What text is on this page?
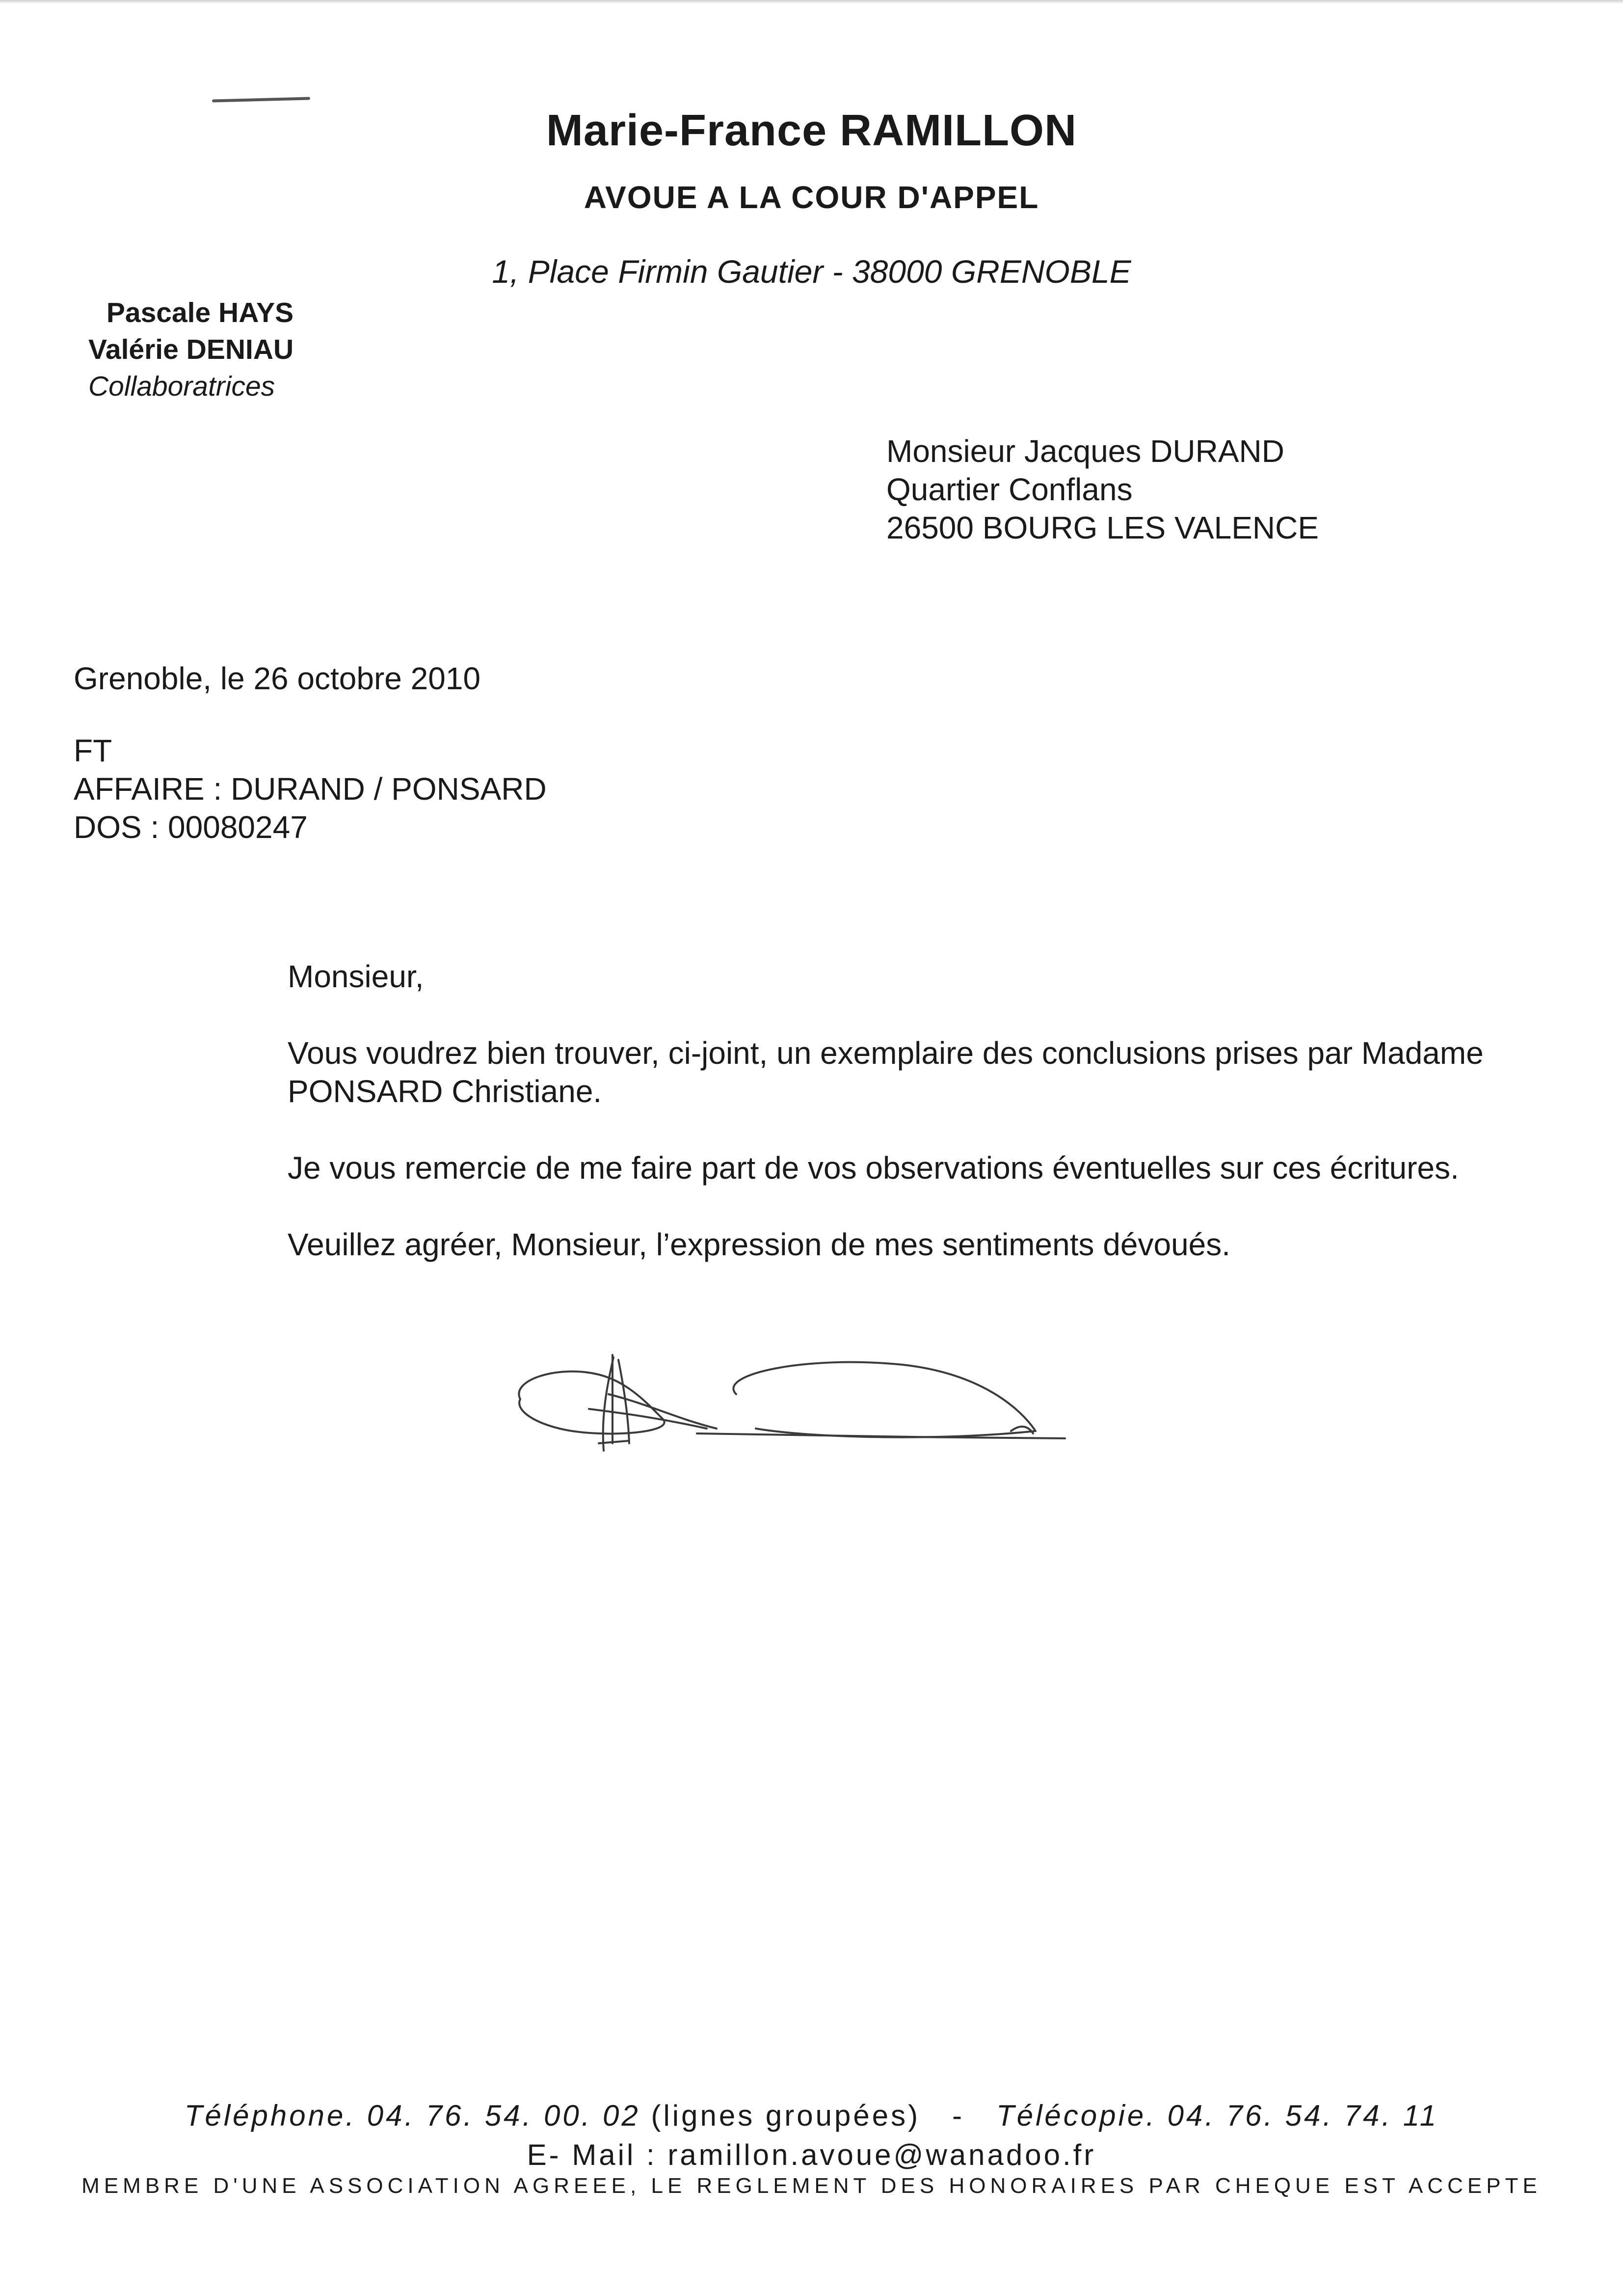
Marie-France RAMILLON
AVOUE A LA COUR D'APPEL
1, Place Firmin Gautier - 38000 GRENOBLE
Pascale HAYS
Valérie DENIAU
Collaboratrices
Monsieur Jacques DURAND
Quartier Conflans
26500 BOURG LES VALENCE
Grenoble, le 26 octobre 2010
FT
AFFAIRE : DURAND / PONSARD
DOS : 00080247

Monsieur,

Vous voudrez bien trouver, ci-joint, un exemplaire des conclusions prises par Madame PONSARD Christiane.

Je vous remercie de me faire part de vos observations éventuelles sur ces écritures.

Veuillez agréer, Monsieur, l’expression de mes sentiments dévoués.

Téléphone. 04. 76. 54. 00. 02 (lignes groupées) - Télécopie. 04. 76. 54. 74. 11
E- Mail : ramillon.avoue@wanadoo.fr
MEMBRE D'UNE ASSOCIATION AGREEE, LE REGLEMENT DES HONORAIRES PAR CHEQUE EST ACCEPTE
